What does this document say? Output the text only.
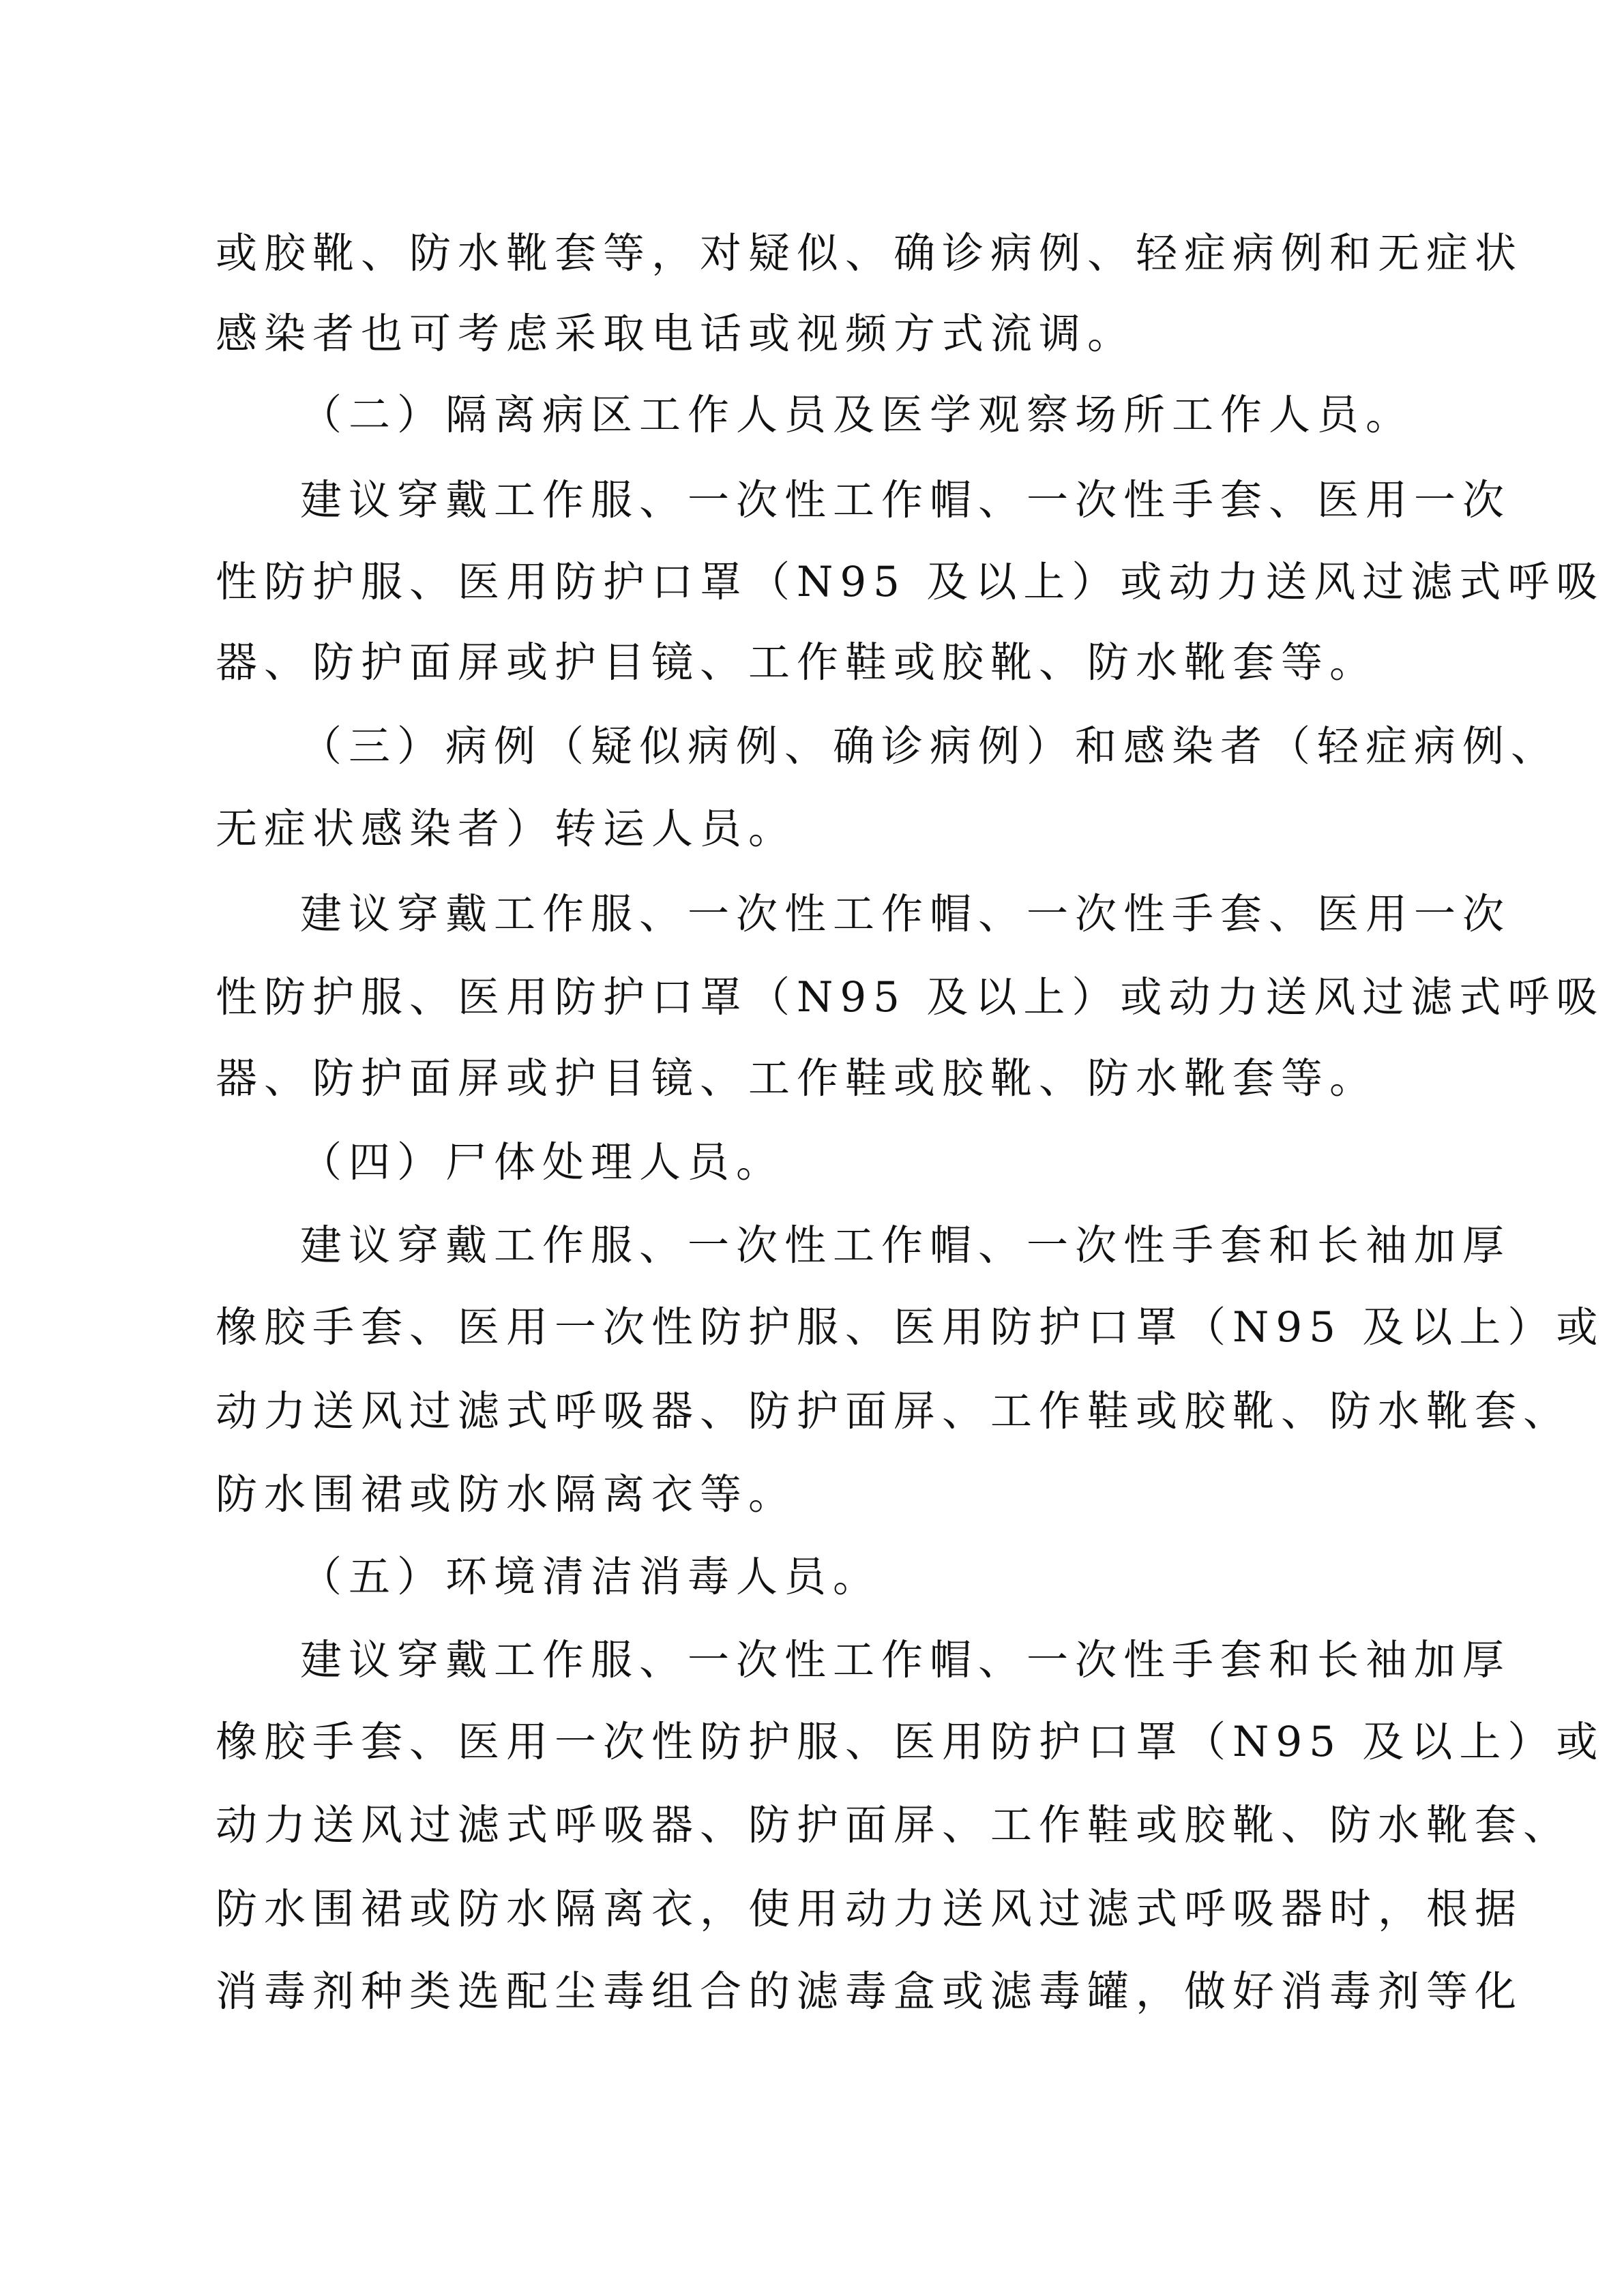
或胶靴、防水靴套等，对疑似、确诊病例、轻症病例和无症状
感染者也可考虑采取电话或视频方式流调。
（二）隔离病区工作人员及医学观察场所工作人员。
建议穿戴工作服、一次性工作帽、一次性手套、医用一次
性防护服、医用防护口罩（N95 及以上）或动力送风过滤式呼吸
器、防护面屏或护目镜、工作鞋或胶靴、防水靴套等。
（三）病例（疑似病例、确诊病例）和感染者（轻症病例、
无症状感染者）转运人员。
建议穿戴工作服、一次性工作帽、一次性手套、医用一次
性防护服、医用防护口罩（N95 及以上）或动力送风过滤式呼吸
器、防护面屏或护目镜、工作鞋或胶靴、防水靴套等。
（四）尸体处理人员。
建议穿戴工作服、一次性工作帽、一次性手套和长袖加厚
橡胶手套、医用一次性防护服、医用防护口罩（N95 及以上）或
动力送风过滤式呼吸器、防护面屏、工作鞋或胶靴、防水靴套、
防水围裙或防水隔离衣等。
（五）环境清洁消毒人员。
建议穿戴工作服、一次性工作帽、一次性手套和长袖加厚
橡胶手套、医用一次性防护服、医用防护口罩（N95 及以上）或
动力送风过滤式呼吸器、防护面屏、工作鞋或胶靴、防水靴套、
防水围裙或防水隔离衣，使用动力送风过滤式呼吸器时，根据
消毒剂种类选配尘毒组合的滤毒盒或滤毒罐，做好消毒剂等化
